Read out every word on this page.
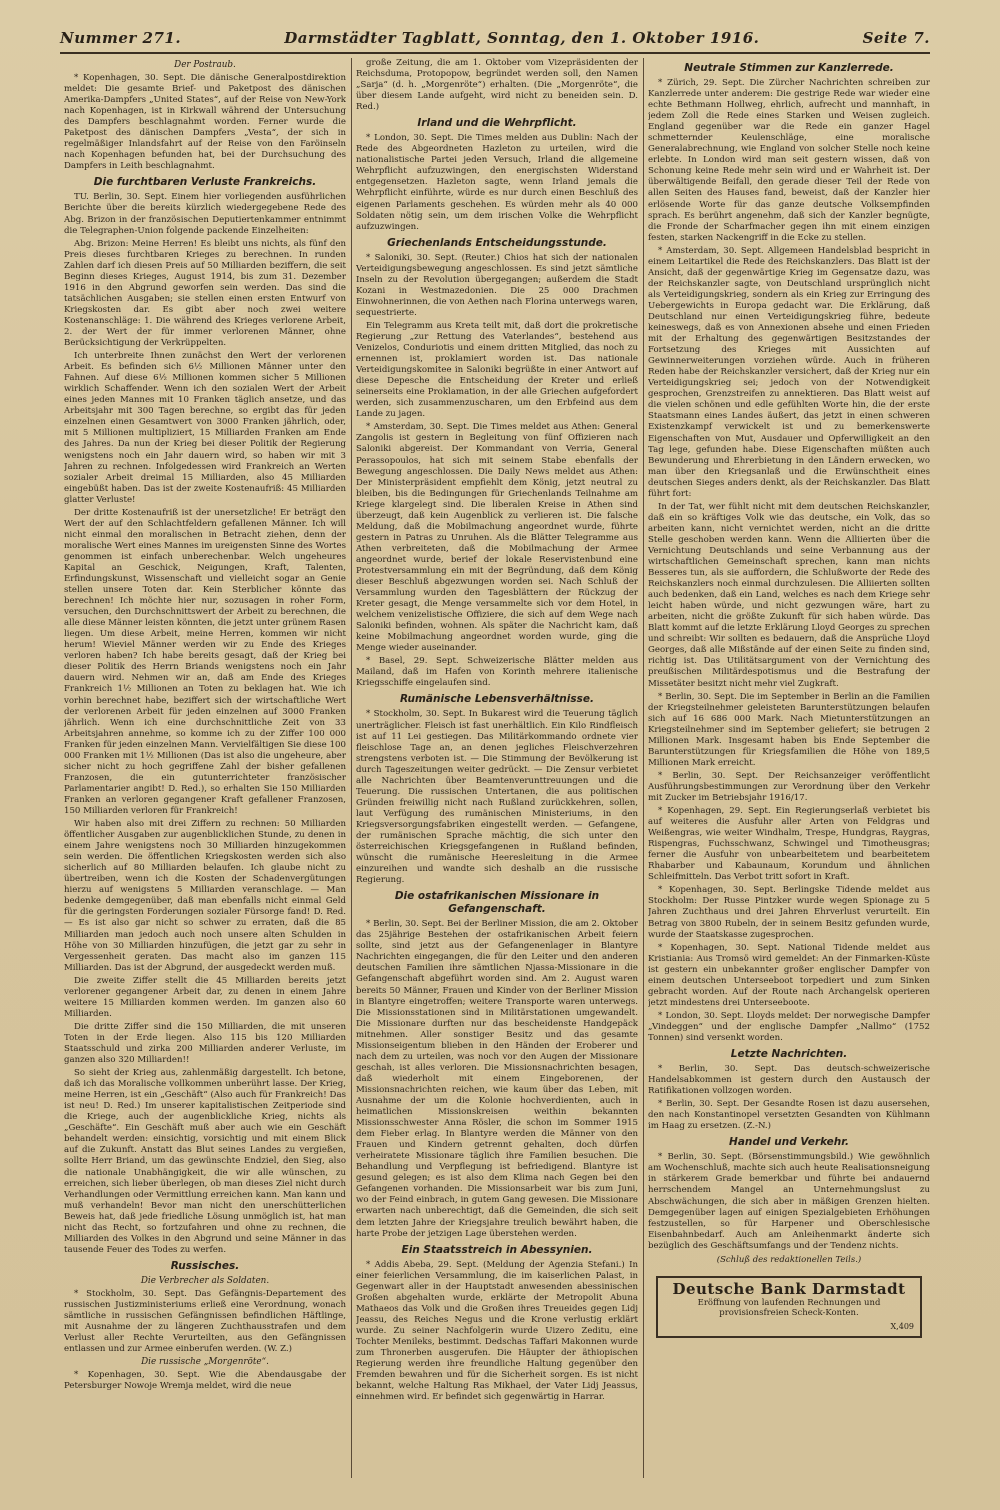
Nummer 271.	Darmstädter Tagblatt, Sonntag, den 1. Oktober 1916.	Seite 7.
Der Postraub.

* Kopenhagen, 30. Sept. Die dänische Generalpostdirektion meldet: Die gesamte Brief- und Paketpost des dänischen Amerika-Dampfers „United States“, auf der Reise von New-York nach Kopenhagen, ist in Kirkwall während der Untersuchung des Dampfers beschlagnahmt worden. Ferner wurde die Paketpost des dänischen Dampfers „Vesta“, der sich in regelmäßiger Inlandsfahrt auf der Reise von den Faröinseln nach Kopenhagen befunden hat, bei der Durchsuchung des Dampfers in Leith beschlagnahmt.

Die furchtbaren Verluste Frankreichs.

TU. Berlin, 30. Sept. Einem hier vorliegenden ausführlichen Berichte über die bereits kürzlich wiedergegebene Rede des Abg. Brizon in der französischen Deputiertenkammer entnimmt die Telegraphen-Union folgende packende Einzelheiten:

Abg. Brizon: Meine Herren! Es bleibt uns nichts, als fünf den Preis dieses furchtbaren Krieges zu berechnen. In runden Zahlen darf ich diesen Preis auf 50 Milliarden beziffern, die seit Beginn dieses Krieges, August 1914, bis zum 31. Dezember 1916 in den Abgrund geworfen sein werden. Das sind die tatsächlichen Ausgaben; sie stellen einen ersten Entwurf von Kriegskosten dar. Es gibt aber noch zwei weitere Kostenanschläge: 1. Die während des Krieges verlorene Arbeit, 2. der Wert der für immer verlorenen Männer, ohne Berücksichtigung der Verkrüppelten.

Ich unterbreite Ihnen zunächst den Wert der verlorenen Arbeit. Es befinden sich 6½ Millionen Männer unter den Fahnen. Auf diese 6½ Millionen kommen sicher 5 Millionen wirklich Schaffender. Wenn ich den sozialen Wert der Arbeit eines jeden Mannes mit 10 Franken täglich ansetze, und das Arbeitsjahr mit 300 Tagen berechne, so ergibt das für jeden einzelnen einen Gesamtwert von 3000 Franken jährlich, oder, mit 5 Millionen multipliziert, 15 Milliarden Franken am Ende des Jahres. Da nun der Krieg bei dieser Politik der Regierung wenigstens noch ein Jahr dauern wird, so haben wir mit 3 Jahren zu rechnen. Infolgedessen wird Frankreich an Werten sozialer Arbeit dreimal 15 Milliarden, also 45 Milliarden eingebüßt haben. Das ist der zweite Kostenaufriß: 45 Milliarden glatter Verluste!

Der dritte Kostenaufriß ist der unersetzliche! Er beträgt den Wert der auf den Schlachtfeldern gefallenen Männer. Ich will nicht einmal den moralischen in Betracht ziehen, denn der moralische Wert eines Mannes im ureigensten Sinne des Wortes genommen ist einfach unberechenbar. Welch ungeheures Kapital an Geschick, Neigungen, Kraft, Talenten, Erfindungskunst, Wissenschaft und vielleicht sogar an Genie stellen unsere Toten dar. Kein Sterblicher könnte das berechnen! Ich möchte hier nur, sozusagen in roher Form, versuchen, den Durchschnittswert der Arbeit zu berechnen, die alle diese Männer leisten könnten, die jetzt unter grünem Rasen liegen. Um diese Arbeit, meine Herren, kommen wir nicht herum! Wieviel Männer werden wir zu Ende des Krieges verloren haben? Ich habe bereits gesagt, daß der Krieg bei dieser Politik des Herrn Briands wenigstens noch ein Jahr dauern wird. Nehmen wir an, daß am Ende des Krieges Frankreich 1½ Millionen an Toten zu beklagen hat. Wie ich vorhin berechnet habe, beziffert sich der wirtschaftliche Wert der verlorenen Arbeit für jeden einzelnen auf 3000 Franken jährlich. Wenn ich eine durchschnittliche Zeit von 33 Arbeitsjahren annehme, so komme ich zu der Ziffer 100 000 Franken für jeden einzelnen Mann. Vervielfältigen Sie diese 100 000 Franken mit 1½ Millionen (Das ist also die ungeheure, aber sicher nicht zu hoch gegriffene Zahl der bisher gefallenen Franzosen, die ein gutunterrichteter französischer Parlamentarier angibt! D. Red.), so erhalten Sie 150 Milliarden Franken an verloren gegangener Kraft gefallener Franzosen, 150 Milliarden verloren für Frankreich!

Wir haben also mit drei Ziffern zu rechnen: 50 Milliarden öffentlicher Ausgaben zur augenblicklichen Stunde, zu denen in einem Jahre wenigstens noch 30 Milliarden hinzugekommen sein werden. Die öffentlichen Kriegskosten werden sich also sicherlich auf 80 Milliarden belaufen. Ich glaube nicht zu übertreiben, wenn ich die Kosten der Schadenvergütungen hierzu auf wenigstens 5 Milliarden veranschlage. — Man bedenke demgegenüber, daß man ebenfalls nicht einmal Geld für die geringsten Forderungen sozialer Fürsorge fand! D. Red. — Es ist also gar nicht so schwer zu erraten, daß die 85 Milliarden man jedoch auch noch unsere alten Schulden in Höhe von 30 Milliarden hinzufügen, die jetzt gar zu sehr in Vergessenheit geraten. Das macht also im ganzen 115 Milliarden. Das ist der Abgrund, der ausgedeckt werden muß.

Die zweite Ziffer stellt die 45 Milliarden bereits jetzt verlorener gegangener Arbeit dar, zu denen in einem Jahre weitere 15 Milliarden kommen werden. Im ganzen also 60 Milliarden.

Die dritte Ziffer sind die 150 Milliarden, die mit unseren Toten in der Erde liegen. Also 115 bis 120 Milliarden Staatsschuld und zirka 200 Milliarden anderer Verluste, im ganzen also 320 Milliarden!!

So sieht der Krieg aus, zahlenmäßig dargestellt. Ich betone, daß ich das Moralische vollkommen unberührt lasse. Der Krieg, meine Herren, ist ein „Geschäft“ (Also auch für Frankreich! Das ist neu! D. Red.) Im unserer kapitalistischen Zeitperiode sind die Kriege, auch der augenblickliche Krieg, nichts als „Geschäfte“. Ein Geschäft muß aber auch wie ein Geschäft behandelt werden: einsichtig, vorsichtig und mit einem Blick auf die Zukunft. Anstatt das Blut seines Landes zu vergießen, sollte Herr Briand, um das gewünschte Endziel, den Sieg, also die nationale Unabhängigkeit, die wir alle wünschen, zu erreichen, sich lieber überlegen, ob man dieses Ziel nicht durch Verhandlungen oder Vermittlung erreichen kann. Man kann und muß verhandeln! Bevor man nicht den unerschütterlichen Beweis hat, daß jede friedliche Lösung unmöglich ist, hat man nicht das Recht, so fortzufahren und ohne zu rechnen, die Milliarden des Volkes in den Abgrund und seine Männer in das tausende Feuer des Todes zu werfen.

Russisches.
Die Verbrecher als Soldaten.

* Stockholm, 30. Sept. Das Gefängnis-Departement des russischen Justizministeriums erließ eine Verordnung, wonach sämtliche in russischen Gefängnissen befindlichen Häftlinge, mit Ausnahme der zu längeren Zuchthausstrafen und dem Verlust aller Rechte Verurteilten, aus den Gefängnissen entlassen und zur Armee einberufen werden. (W. Z.)

Die russische „Morgenröte“.

* Kopenhagen, 30. Sept. Wie die Abendausgabe der Petersburger Nowoje Wremja meldet, wird die neue

große Zeitung, die am 1. Oktober vom Vizepräsidenten der Reichsduma, Protopopow, begründet werden soll, den Namen „Sarja“ (d. h. „Morgenröte“) erhalten. (Die „Morgenröte“, die über diesem Lande aufgeht, wird nicht zu beneiden sein. D. Red.)

Irland und die Wehrpflicht.

* London, 30. Sept. Die Times melden aus Dublin: Nach der Rede des Abgeordneten Hazleton zu urteilen, wird die nationalistische Partei jeden Versuch, Irland die allgemeine Wehrpflicht aufzuzwingen, den energischsten Widerstand entgegensetzen. Hazleton sagte, wenn Irland jemals die Wehrpflicht einführte, würde es nur durch einen Beschluß des eigenen Parlaments geschehen. Es würden mehr als 40 000 Soldaten nötig sein, um dem irischen Volke die Wehrpflicht aufzuzwingen.

Griechenlands Entscheidungsstunde.

* Saloniki, 30. Sept. (Reuter.) Chios hat sich der nationalen Verteidigungsbewegung angeschlossen. Es sind jetzt sämtliche Inseln zu der Revolution übergegangen; außerdem die Stadt Kozani in Westmazedonien. Die 25 000 Drachmen Einwohnerinnen, die von Aethen nach Florina unterwegs waren, sequestrierte.

Ein Telegramm aus Kreta teilt mit, daß dort die prokretische Regierung „zur Rettung des Vaterlandes“, bestehend aus Venizelos, Conduriotis und einem dritten Mitglied, das noch zu ernennen ist, proklamiert worden ist. Das nationale Verteidigungskomitee in Saloniki begrüßte in einer Antwort auf diese Depesche die Entscheidung der Kreter und erließ seinerseits eine Proklamation, in der alle Griechen aufgefordert werden, sich zusammenzuscharen, um den Erbfeind aus dem Lande zu jagen.

* Amsterdam, 30. Sept. Die Times meldet aus Athen: General Zangolis ist gestern in Begleitung von fünf Offizieren nach Saloniki abgereist. Der Kommandant von Verria, General Perassopoulos, hat sich mit seinem Stabe ebenfalls der Bewegung angeschlossen. Die Daily News meldet aus Athen: Der Ministerpräsident empfiehlt dem König, jetzt neutral zu bleiben, bis die Bedingungen für Griechenlands Teilnahme am Kriege klargelegt sind. Die liberalen Kreise in Athen sind überzeugt, daß kein Augenblick zu verlieren ist. Die falsche Meldung, daß die Mobilmachung angeordnet wurde, führte gestern in Patras zu Unruhen. Als die Blätter Telegramme aus Athen verbreiteten, daß die Mobilmachung der Armee angeordnet wurde, berief der lokale Reservistenbund eine Protestversammlung ein mit der Begründung, daß dem König dieser Beschluß abgezwungen worden sei. Nach Schluß der Versammlung wurden den Tagesblättern der Rückzug der Kreter gesagt, die Menge versammelte sich vor dem Hotel, in welchem venizelistische Offiziere, die sich auf dem Wege nach Saloniki befinden, wohnen. Als später die Nachricht kam, daß keine Mobilmachung angeordnet worden wurde, ging die Menge wieder auseinander.

* Basel, 29. Sept. Schweizerische Blätter melden aus Mailand, daß im Hafen von Korinth mehrere italienische Kriegsschiffe eingelaufen sind.

Rumänische Lebensverhältnisse.

* Stockholm, 30. Sept. In Bukarest wird die Teuerung täglich unerträglicher. Fleisch ist fast unerhältlich. Ein Kilo Rindfleisch ist auf 11 Lei gestiegen. Das Militärkommando ordnete vier fleischlose Tage an, an denen jegliches Fleischverzehren strengstens verboten ist. — Die Stimmung der Bevölkerung ist durch Tageszeitungen weiter gedrückt. — Die Zensur verbietet alle Nachrichten über Beamtenverunttreuungen und die Teuerung. Die russischen Untertanen, die aus politischen Gründen freiwillig nicht nach Rußland zurückkehren, sollen, laut Verfügung des rumänischen Ministeriums, in den Kriegsversorgungsfabriken eingestellt werden. — Gefangene, der rumänischen Sprache mächtig, die sich unter den österreichischen Kriegsgefangenen in Rußland befinden, wünscht die rumänische Heeresleitung in die Armee einzureihen und wandte sich deshalb an die russische Regierung.

Die ostafrikanischen Missionare in Gefangenschaft.

* Berlin, 30. Sept. Bei der Berliner Mission, die am 2. Oktober das 25jährige Bestehen der ostafrikanischen Arbeit feiern sollte, sind jetzt aus der Gefangenenlager in Blantyre Nachrichten eingegangen, die für den Leiter und den anderen deutschen Familien ihre sämtlichen Njassa-Missionare in die Gefangenschaft abgeführt worden sind. Am 2. August waren bereits 50 Männer, Frauen und Kinder von der Berliner Mission in Blantyre eingetroffen; weitere Transporte waren unterwegs. Die Missionsstationen sind in Militärstationen umgewandelt. Die Missionare durften nur das bescheidenste Handgepäck mitnehmen. Aller sonstiger Besitz und das gesamte Missionseigentum blieben in den Händen der Eroberer und nach dem zu urteilen, was noch vor den Augen der Missionare geschah, ist alles verloren. Die Missionsnachrichten besagen, daß wiederholt mit einem Eingeborenen, der Missionsnachrichten reichen, wie kaum über das Leben, mit Ausnahme der um die Kolonie hochverdienten, auch in heimatlichen Missionskreisen weithin bekannten Missionsschwester Anna Rösler, die schon im Sommer 1915 dem Fieber erlag. In Blantyre werden die Männer von den Frauen und Kindern getrennt gehalten, doch dürfen verheiratete Missionare täglich ihre Familien besuchen. Die Behandlung und Verpflegung ist befriedigend. Blantyre ist gesund gelegen; es ist also dem Klima nach Gegen bei den Gefangenen vorhanden. Die Missionsarbeit war bis zum Juni, wo der Feind einbrach, in gutem Gang gewesen. Die Missionare erwarten nach unberechtigt, daß die Gemeinden, die sich seit dem letzten Jahre der Kriegsjahre treulich bewährt haben, die harte Probe der jetzigen Lage überstehen werden.

Ein Staatsstreich in Abessynien.

* Addis Abeba, 29. Sept. (Meldung der Agenzia Stefani.) In einer feierlichen Versammlung, die im kaiserlichen Palast, in Gegenwart aller in der Hauptstadt anwesenden abessinischen Großen abgehalten wurde, erklärte der Metropolit Abuna Mathaeos das Volk und die Großen ihres Treueides gegen Lidj Jeassu, des Reiches Negus und die Krone verlustig erklärt wurde. Zu seiner Nachfolgerin wurde Uizero Zeditu, eine Tochter Menileks, bestimmt. Dedschas Taffari Makonnen wurde zum Thronerben ausgerufen. Die Häupter der äthiopischen Regierung werden ihre freundliche Haltung gegenüber den Fremden bewahren und für die Sicherheit sorgen. Es ist nicht bekannt, welche Haltung Ras Mikhael, der Vater Lidj Jeassus, einnehmen wird. Er befindet sich gegenwärtig in Harrar.

Neutrale Stimmen zur Kanzlerrede.

* Zürich, 29. Sept. Die Zürcher Nachrichten schreiben zur Kanzlerrede unter anderem: Die gestrige Rede war wieder eine echte Bethmann Hollweg, ehrlich, aufrecht und mannhaft, in jedem Zoll die Rede eines Starken und Weisen zugleich. England gegenüber war die Rede ein ganzer Hagel schmetternder Keulenschläge, eine moralische Generalabrechnung, wie England von solcher Stelle noch keine erlebte. In London wird man seit gestern wissen, daß von Schonung keine Rede mehr sein wird und er Wahrheit ist. Der überwältigende Beifall, den gerade dieser Teil der Rede von allen Seiten des Hauses fand, beweist, daß der Kanzler hier erlösende Worte für das ganze deutsche Volksempfinden sprach. Es berührt angenehm, daß sich der Kanzler begnügte, die Fronde der Scharfmacher gegen ihn mit einem einzigen festen, starken Nackengriff in die Ecke zu stellen.

* Amsterdam, 30. Sept. Allgemeen Handelsblad bespricht in einem Leitartikel die Rede des Reichskanzlers. Das Blatt ist der Ansicht, daß der gegenwärtige Krieg im Gegensatze dazu, was der Reichskanzler sagte, von Deutschland ursprünglich nicht als Verteidigungskrieg, sondern als ein Krieg zur Erringung des Uebergewichts in Europa gedacht war. Die Erklärung, daß Deutschland nur einen Verteidigungskrieg führe, bedeute keineswegs, daß es von Annexionen absehe und einen Frieden mit der Erhaltung des gegenwärtigen Besitzstandes der Fortsetzung des Krieges mit Aussichten auf Gewinnerweiterungen vorziehen würde. Auch in früheren Reden habe der Reichskanzler versichert, daß der Krieg nur ein Verteidigungskrieg sei; jedoch von der Notwendigkeit gesprochen, Grenzstreifen zu annektieren. Das Blatt weist auf die vielen schönen und edle gefühlten Worte hin, die der erste Staatsmann eines Landes äußert, das jetzt in einen schweren Existenzkampf verwickelt ist und zu bemerkenswerte Eigenschaften von Mut, Ausdauer und Opferwilligkeit an den Tag lege, gefunden habe. Diese Eigenschaften müßten auch Bewunderung und Ehrerbietung in den Ländern erwecken, wo man über den Kriegsanlaß und die Erwünschtheit eines deutschen Sieges anders denkt, als der Reichskanzler. Das Blatt führt fort:

In der Tat, wer fühlt nicht mit dem deutschen Reichskanzler, daß ein so kräftiges Volk wie das deutsche, ein Volk, das so arbeiten kann, nicht vernichtet werden, nicht an die dritte Stelle geschoben werden kann. Wenn die Alliierten über die Vernichtung Deutschlands und seine Verbannung aus der wirtschaftlichen Gemeinschaft sprechen, kann man nichts Besseres tun, als sie auffordern, die Schlußworte der Rede des Reichskanzlers noch einmal durchzulesen. Die Alliierten sollten auch bedenken, daß ein Land, welches es nach dem Kriege sehr leicht haben würde, und nicht gezwungen wäre, hart zu arbeiten, nicht die größte Zukunft für sich haben würde. Das Blatt kommt auf die letzte Erklärung Lloyd Georges zu sprechen und schreibt: Wir sollten es bedauern, daß die Ansprüche Lloyd Georges, daß alle Mißstände auf der einen Seite zu finden sind, richtig ist. Das Utilitätsargument von der Vernichtung des preußischen Militärdespotismus und die Bestrafung der Missetäter besitzt nicht mehr viel Zugkraft.

* Berlin, 30. Sept. Die im September in Berlin an die Familien der Kriegsteilnehmer geleisteten Barunterstützungen belaufen sich auf 16 686 000 Mark. Nach Mietunterstützungen an Kriegsteilnehmer sind im September geliefert; sie betrugen 2 Millionen Mark. Insgesamt haben bis Ende September die Barunterstützungen für Kriegsfamilien die Höhe von 189,5 Millionen Mark erreicht.

* Berlin, 30. Sept. Der Reichsanzeiger veröffentlicht Ausführungsbestimmungen zur Verordnung über den Verkehr mit Zucker im Betriebsjahr 1916/17.

* Kopenhagen, 29. Sept. Ein Regierungserlaß verbietet bis auf weiteres die Ausfuhr aller Arten von Feldgras und Weißengras, wie weiter Windhalm, Trespe, Hundgras, Raygras, Rispengras, Fuchsschwanz, Schwingel und Timotheusgras; ferner die Ausfuhr von unbearbeitetem und bearbeitetem Rhabarber und Kabaunaum, Korundum und ähnlichen Schleifmitteln. Das Verbot tritt sofort in Kraft.

* Kopenhagen, 30. Sept. Berlingske Tidende meldet aus Stockholm: Der Russe Pintzker wurde wegen Spionage zu 5 Jahren Zuchthaus und drei Jahren Ehrverlust verurteilt. Ein Betrag von 3800 Rubeln, der in seinem Besitz gefunden wurde, wurde der Staatskasse zugesprochen.

* Kopenhagen, 30. Sept. National Tidende meldet aus Kristiania: Aus Tromsö wird gemeldet: An der Finmarken-Küste ist gestern ein unbekannter großer englischer Dampfer von einem deutschen Unterseeboot torpediert und zum Sinken gebracht worden. Auf der Route nach Archangelsk operieren jetzt mindestens drei Unterseeboote.

* London, 30. Sept. Lloyds meldet: Der norwegische Dampfer „Vindeggen“ und der englische Dampfer „Nallmo“ (1752 Tonnen) sind versenkt worden.

Letzte Nachrichten.

* Berlin, 30. Sept. Das deutsch-schweizerische Handelsabkommen ist gestern durch den Austausch der Ratifikationen vollzogen worden.

* Berlin, 30. Sept. Der Gesandte Rosen ist dazu ausersehen, den nach Konstantinopel versetzten Gesandten von Kühlmann im Haag zu ersetzen. (Z.-N.)

Handel und Verkehr.

* Berlin, 30. Sept. (Börsenstimmungsbild.) Wie gewöhnlich am Wochenschluß, machte sich auch heute Realisationsneigung in stärkerem Grade bemerkbar und führte bei andauernd herrschendem Mangel an Unternehmungslust zu Abschwächungen, die sich aber in mäßigen Grenzen hielten. Demgegenüber lagen auf einigen Spezialgebieten Erhöhungen festzustellen, so für Harpener und Oberschlesische Eisenbahnbedarf. Auch am Anleihenmarkt änderte sich bezüglich des Geschäftsumfangs und der Tendenz nichts.

(Schluß des redaktionellen Teils.)

Deutsche Bank Darmstadt
Eröffnung von laufenden Rechnungen und provisionsfreien Scheck-Konten.
X,409
